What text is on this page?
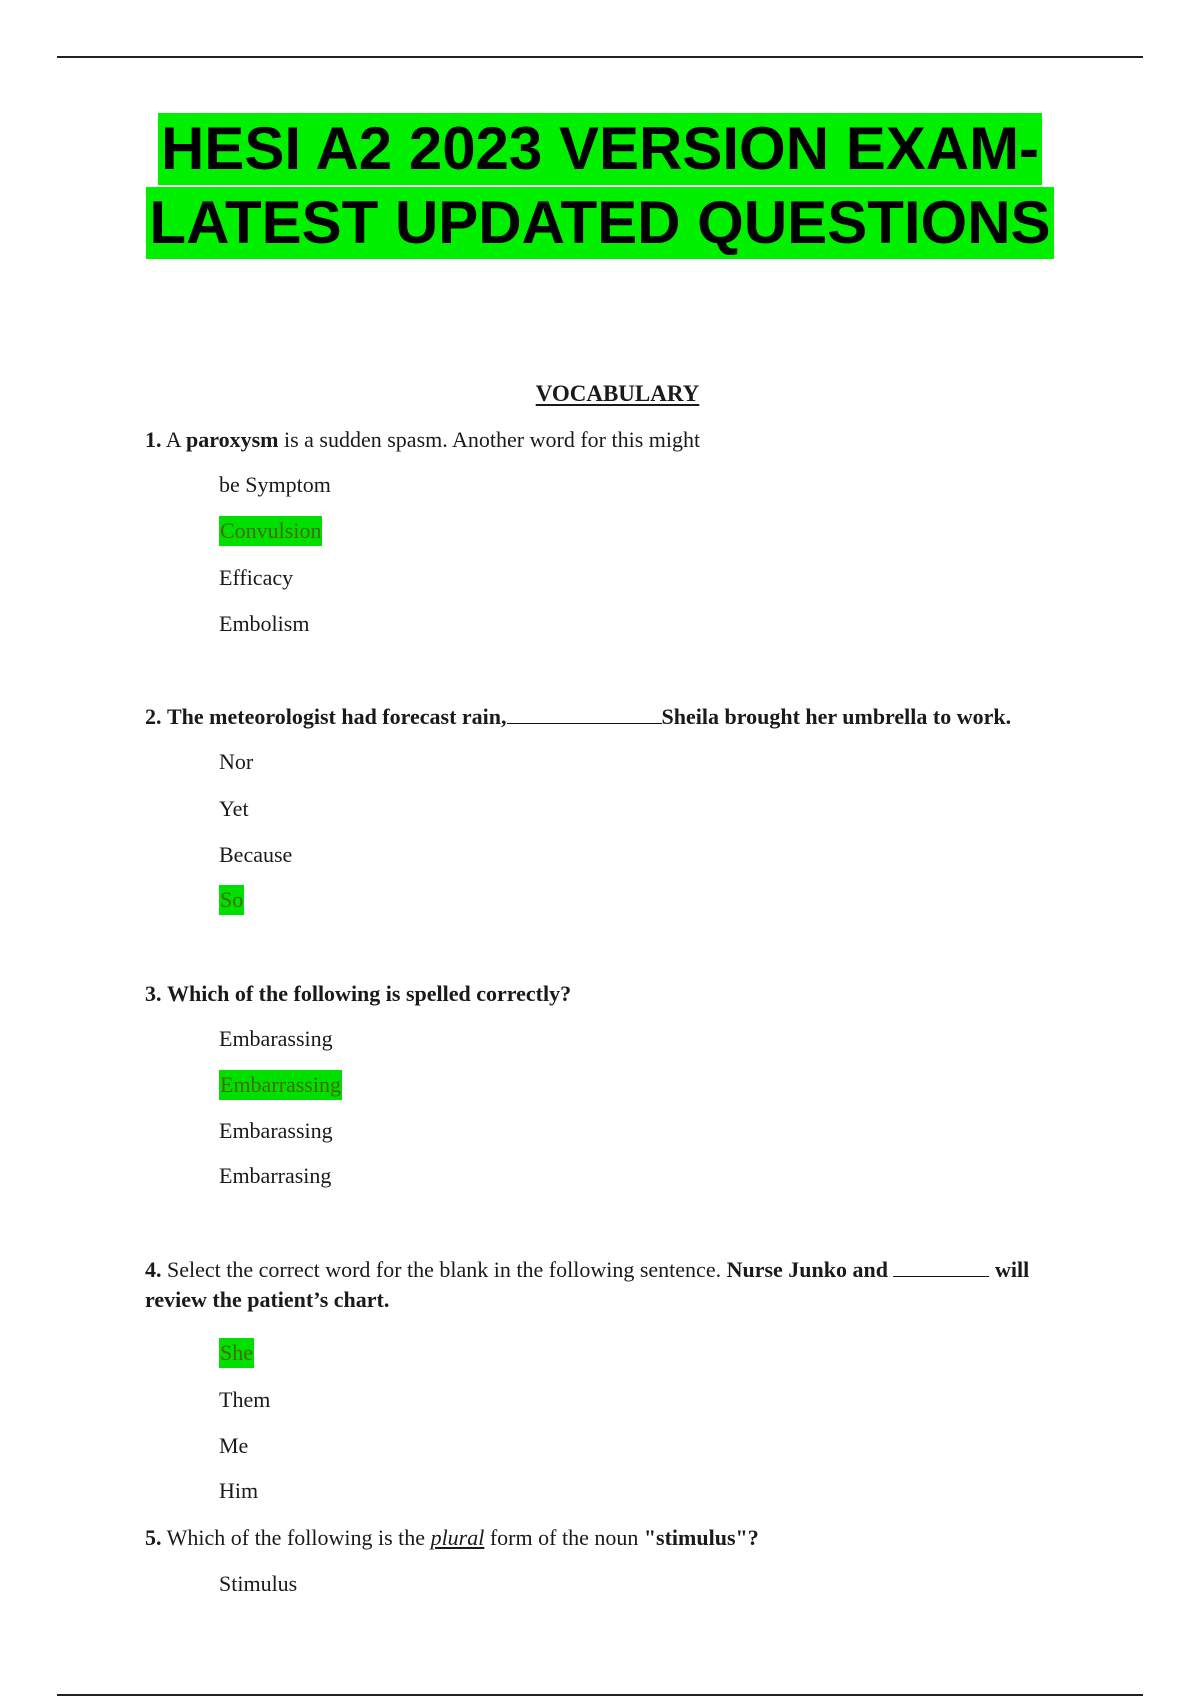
HESI A2 2023 VERSION EXAM-
LATEST UPDATED QUESTIONS
VOCABULARY
1. A paroxysm is a sudden spasm. Another word for this might
be Symptom
Convulsion
Efficacy
Embolism
2. The meteorologist had forecast rain,	Sheila brought her umbrella to work.
Nor
Yet
Because
So
3. Which of the following is spelled correctly?
Embarassing
Embarrassing
Embarassing
Embarrasing
4. Select the correct word for the blank in the following sentence. Nurse Junko and	will review the patient’s chart.
She
Them
Me
Him
5. Which of the following is the plural form of the noun "stimulus"?
Stimulus
